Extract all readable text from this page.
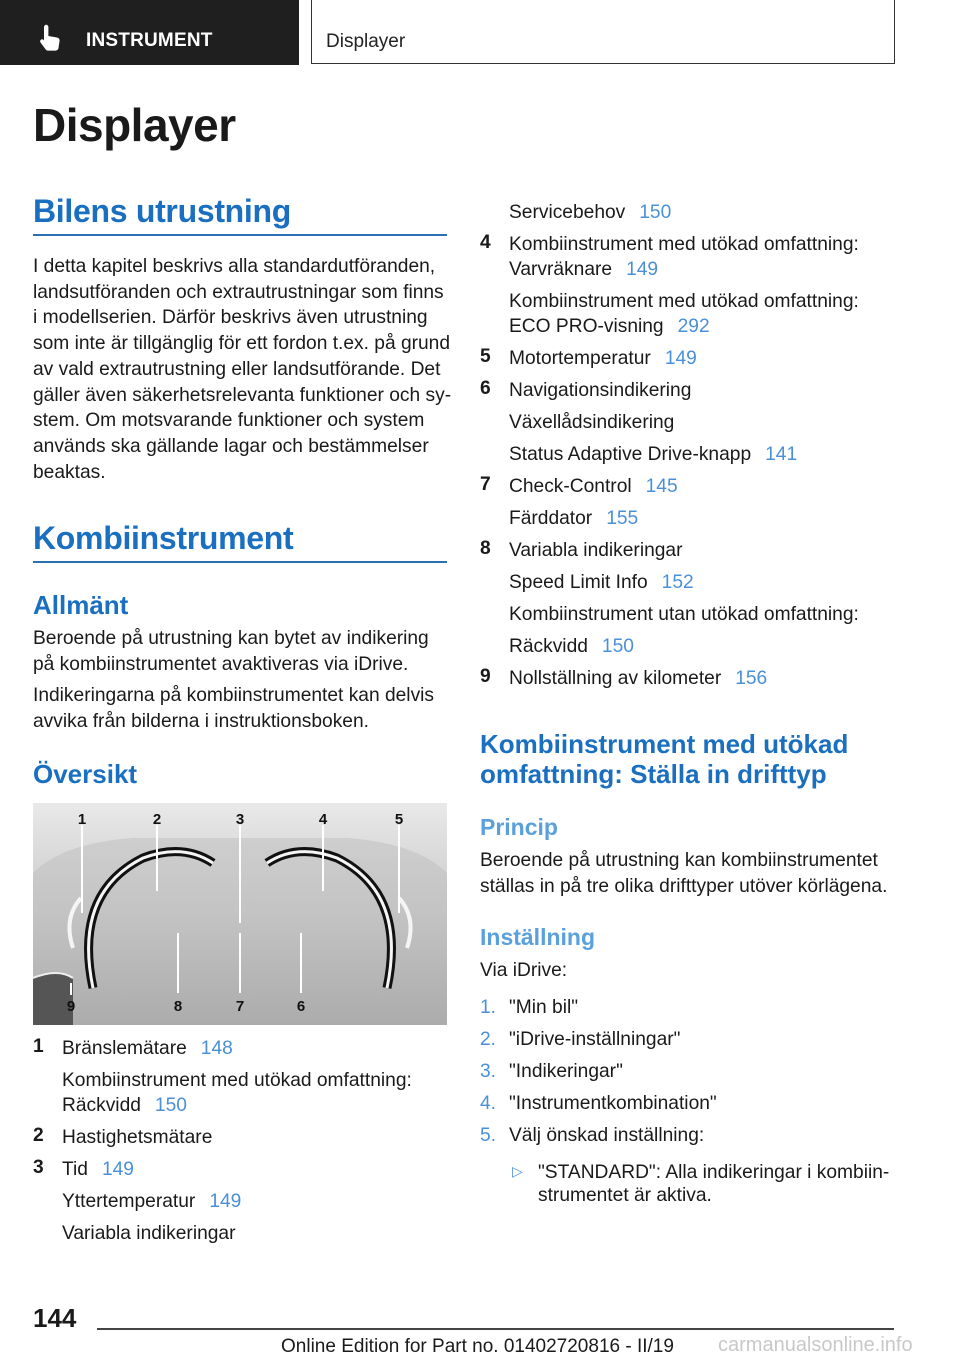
INSTRUMENT	Displayer
Displayer
Bilens utrustning
I detta kapitel beskrivs alla standardutföranden,
landsutföranden och extrautrustningar som finns
i modellserien. Därför beskrivs även utrustning
som inte är tillgänglig för ett fordon t.ex. på grund
av vald extrautrustning eller landsutförande. Det
gäller även säkerhetsrelevanta funktioner och sy-
stem. Om motsvarande funktioner och system
används ska gällande lagar och bestämmelser
beaktas.
Kombiinstrument
Allmänt
Beroende på utrustning kan bytet av indikering
på kombiinstrumentet avaktiveras via iDrive.
Indikeringarna på kombiinstrumentet kan delvis
avvika från bilderna i instruktionsboken.
Översikt
1	2	3	4	5
9	8	7	6
1 Bränslemätare 148
Kombiinstrument med utökad omfattning:
Räckvidd 150
2 Hastighetsmätare
3 Tid 149
Yttertemperatur 149
Variabla indikeringar
Servicebehov 150
4 Kombiinstrument med utökad omfattning:
Varvräknare 149
Kombiinstrument med utökad omfattning:
ECO PRO-visning 292
5 Motortemperatur 149
6 Navigationsindikering
Växellådsindikering
Status Adaptive Drive-knapp 141
7 Check-Control 145
Färddator 155
8 Variabla indikeringar
Speed Limit Info 152
Kombiinstrument utan utökad omfattning:
Räckvidd 150
9 Nollställning av kilometer 156
Kombiinstrument med utökad
omfattning: Ställa in drifttyp
Princip
Beroende på utrustning kan kombiinstrumentet
ställas in på tre olika drifttyper utöver körlägena.
Inställning
Via iDrive:
1. "Min bil"
2. "iDrive-inställningar"
3. "Indikeringar"
4. "Instrumentkombination"
5. Välj önskad inställning:
▷ "STANDARD": Alla indikeringar i kombiin-
strumentet är aktiva.
144
Online Edition for Part no. 01402720816 - II/19 carmanualsonline.info
